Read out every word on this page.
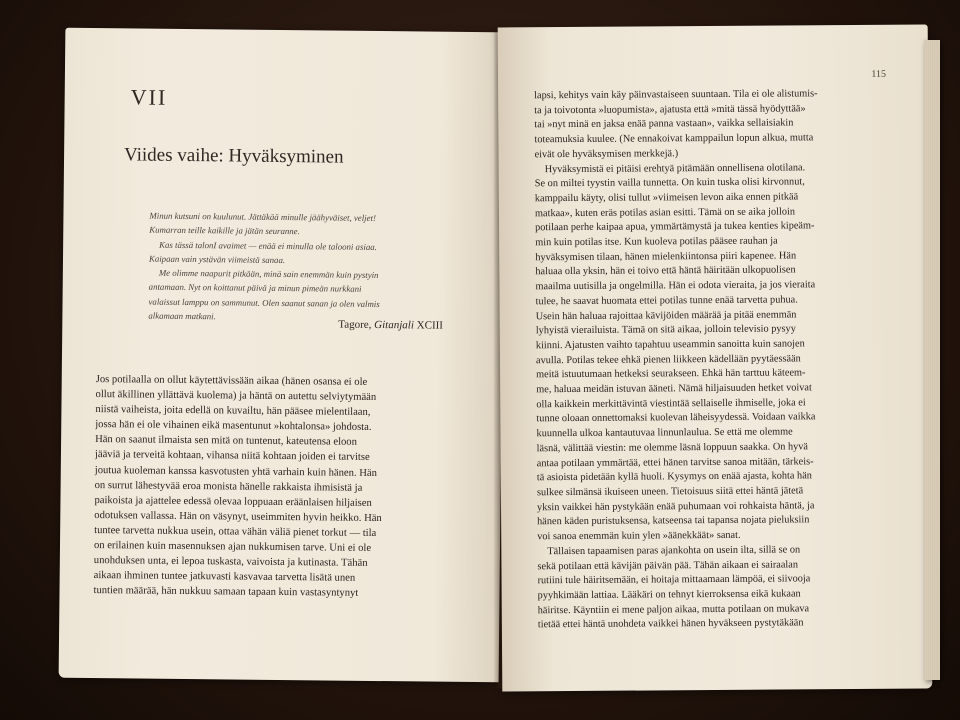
VII
Viides vaihe: Hyväksyminen
Minun kutsuni on kuulunut. Jättäkää minulle jäähyväiset, veljet!
Kumarran teille kaikille ja jätän seuranne.
Kas tässä talonI avaimet — enää ei minulla ole talooni asiaa.
Kaipaan vain ystävän viimeistä sanaa.
Me olimme naapurit pitkään, minä sain enemmän kuin pystyin
antamaan. Nyt on koittanut päivä ja minun pimeän nurkkani
valaissut lamppu on sammunut. Olen saanut sanan ja olen valmis
alkamaan matkani.
Tagore, Gitanjali XCIII
Jos potilaalla on ollut käytettävissään aikaa (hänen osansa ei ole
ollut äkillinen yllättävä kuolema) ja häntä on autettu selviytymään
niistä vaiheista, joita edellä on kuvailtu, hän pääsee mielentilaan,
jossa hän ei ole vihainen eikä masentunut »kohtalonsa» johdosta.
Hän on saanut ilmaista sen mitä on tuntenut, kateutensa eloon
jääviä ja terveitä kohtaan, vihansa niitä kohtaan joiden ei tarvitse
joutua kuoleman kanssa kasvotusten yhtä varhain kuin hänen. Hän
on surrut lähestyvää eroa monista hänelle rakkaista ihmisistä ja
paikoista ja ajattelee edessä olevaa loppuaan eräänlaisen hiljaisen
odotuksen vallassa. Hän on väsynyt, useimmiten hyvin heikko. Hän
tuntee tarvetta nukkua usein, ottaa vähän väliä pienet torkut — tila
on erilainen kuin masennuksen ajan nukkumisen tarve. Uni ei ole
unohduksen unta, ei lepoa tuskasta, vaivoista ja kutinasta. Tähän
aikaan ihminen tuntee jatkuvasti kasvavaa tarvetta lisätä unen
tuntien määrää, hän nukkuu samaan tapaan kuin vastasyntynyt
115
lapsi, kehitys vain käy päinvastaiseen suuntaan. Tila ei ole alistumis-
ta ja toivotonta »luopumista», ajatusta että »mitä tässä hyödyttää»
tai »nyt minä en jaksa enää panna vastaan», vaikka sellaisiakin
toteamuksia kuulee. (Ne ennakoivat kamppailun lopun alkua, mutta
eivät ole hyväksymisen merkkejä.)
Hyväksymistä ei pitäisi erehtyä pitämään onnellisena olotilana.
Se on miltei tyystin vailla tunnetta. On kuin tuska olisi kirvonnut,
kamppailu käyty, olisi tullut »viimeisen levon aika ennen pitkää
matkaa», kuten eräs potilas asian esitti. Tämä on se aika jolloin
potilaan perhe kaipaa apua, ymmärtämystä ja tukea kenties kipeäm-
min kuin potilas itse. Kun kuoleva potilas pääsee rauhan ja
hyväksymisen tilaan, hänen mielenkiintonsa piiri kapenee. Hän
haluaa olla yksin, hän ei toivo että häntä häiritään ulkopuolisen
maailma uutisilla ja ongelmilla. Hän ei odota vieraita, ja jos vieraita
tulee, he saavat huomata ettei potilas tunne enää tarvetta puhua.
Usein hän haluaa rajoittaa kävijöiden määrää ja pitää enemmän
lyhyistä vierailuista. Tämä on sitä aikaa, jolloin televisio pysyy
kiinni. Ajatusten vaihto tapahtuu useammin sanoitta kuin sanojen
avulla. Potilas tekee ehkä pienen liikkeen kädellään pyytäessään
meitä istuutumaan hetkeksi seurakseen. Ehkä hän tarttuu käteem-
me, haluaa meidän istuvan ääneti. Nämä hiljaisuuden hetket voivat
olla kaikkein merkittävintä viestintää sellaiselle ihmiselle, joka ei
tunne oloaan onnettomaksi kuolevan läheisyydessä. Voidaan vaikka
kuunnella ulkoa kantautuvaa linnunlaulua. Se että me olemme
läsnä, välittää viestin: me olemme läsnä loppuun saakka. On hyvä
antaa potilaan ymmärtää, ettei hänen tarvitse sanoa mitään, tärkeis-
tä asioista pidetään kyllä huoli. Kysymys on enää ajasta, kohta hän
sulkee silmänsä ikuiseen uneen. Tietoisuus siitä ettei häntä jätetä
yksin vaikkei hän pystykään enää puhumaan voi rohkaista häntä, ja
hänen käden puristuksensa, katseensa tai tapansa nojata pieluksiin
voi sanoa enemmän kuin ylen »äänekkäät» sanat.
Tällaisen tapaamisen paras ajankohta on usein ilta, sillä se on
sekä potilaan että kävijän päivän pää. Tähän aikaan ei sairaalan
rutiini tule häiritsemään, ei hoitaja mittaamaan lämpöä, ei siivooja
pyyhkimään lattiaa. Lääkäri on tehnyt kierroksensa eikä kukaan
häiritse. Käyntiin ei mene paljon aikaa, mutta potilaan on mukava
tietää ettei häntä unohdeta vaikkei hänen hyväkseen pystytäkään
